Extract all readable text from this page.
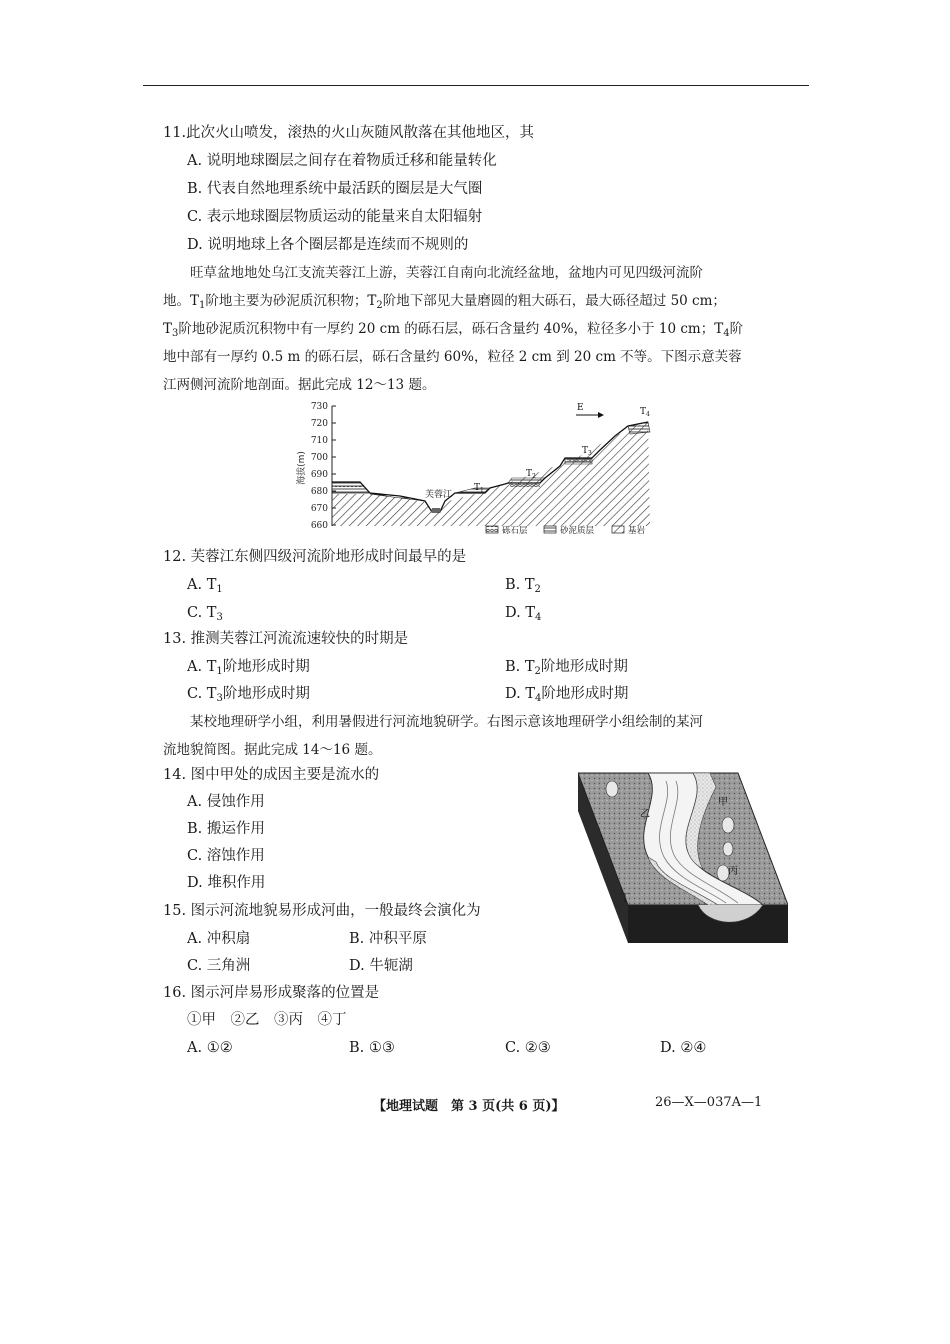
11.此次火山喷发，滚热的火山灰随风散落在其他地区，其
A. 说明地球圈层之间存在着物质迁移和能量转化
B. 代表自然地理系统中最活跃的圈层是大气圈
C. 表示地球圈层物质运动的能量来自太阳辐射
D. 说明地球上各个圈层都是连续而不规则的
旺草盆地地处乌江支流芙蓉江上游，芙蓉江自南向北流经盆地，盆地内可见四级河流阶
地。$T_1$阶地主要为砂泥质沉积物；$T_2$阶地下部见大量磨圆的粗大砾石，最大砾径超过 50 cm；
$T_3$阶地砂泥质沉积物中有一厚约 20 cm 的砾石层，砾石含量约 40%，粒径多小于 10 cm；$T_4$阶
地中部有一厚约 0.5 m 的砾石层，砾石含量约 60%，粒径 2 cm 到 20 cm 不等。下图示意芙蓉
江两侧河流阶地剖面。据此完成 12～13 题。
730
720
710
700
690
680
670
660
海拔(m)
芙蓉江
$T_1$
$T_2$
$T_3$
$T_4$
E
砾石层	砂泥质层	基岩
12. 芙蓉江东侧四级河流阶地形成时间最早的是
A. $T_1$	B. $T_2$
C. $T_3$	D. $T_4$
13. 推测芙蓉江河流流速较快的时期是
A. $T_1$阶地形成时期	B. $T_2$阶地形成时期
C. $T_3$阶地形成时期	D. $T_4$阶地形成时期
某校地理研学小组，利用暑假进行河流地貌研学。右图示意该地理研学小组绘制的某河
流地貌简图。据此完成 14～16 题。
14. 图中甲处的成因主要是流水的
A. 侵蚀作用
B. 搬运作用
C. 溶蚀作用
D. 堆积作用
甲
乙
丙
丁
15. 图示河流地貌易形成河曲，一般最终会演化为
A. 冲积扇	B. 冲积平原
C. 三角洲	D. 牛轭湖
16. 图示河岸易形成聚落的位置是
①甲　②乙　③丙　④丁
A. ①②	B. ①③	C. ②③	D. ②④
【地理试题　第 3 页(共 6 页)】	26—X—037A—1
